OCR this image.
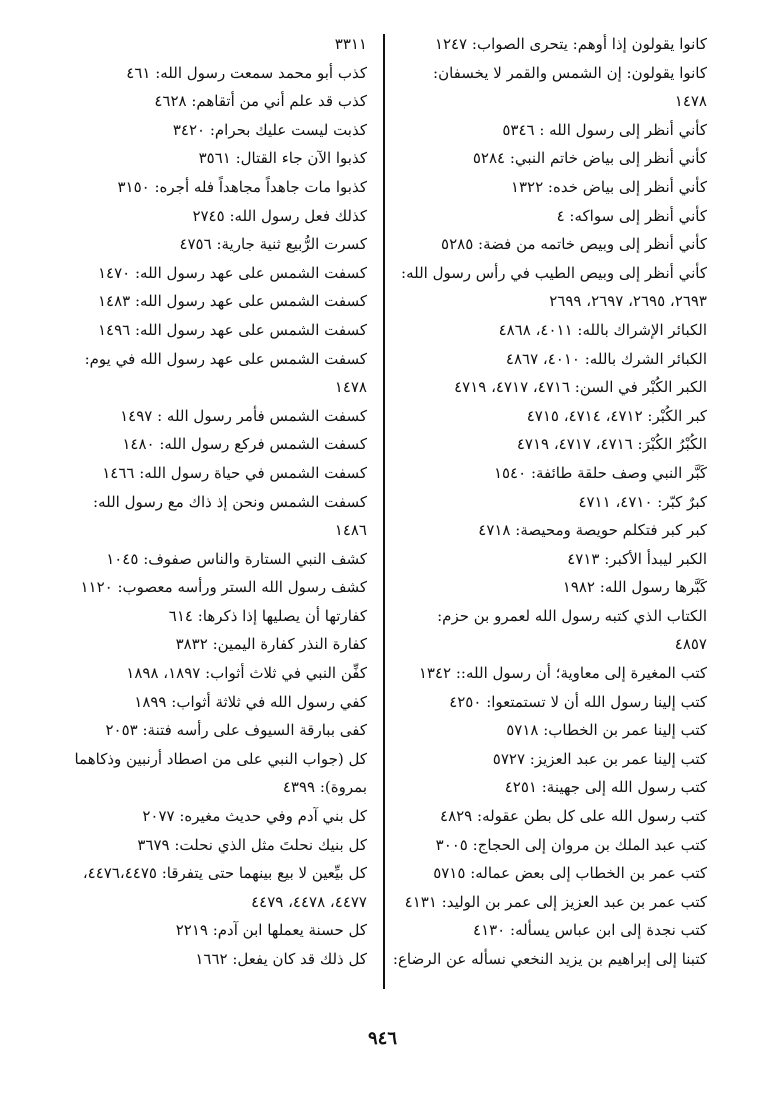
كانوا يقولون إذا أوهم: يتحرى الصواب: ١٢٤٧
كانوا يقولون: إن الشمس والقمر لا يخسفان:
١٤٧٨
كأني أنظر إلى رسول الله : ٥٣٤٦
كأني أنظر إلى بياض خاتم النبي: ٥٢٨٤
كأني أنظر إلى بياض خده: ١٣٢٢
كأني أنظر إلى سواكه: ٤
كأني أنظر إلى وبيص خاتمه من فضة: ٥٢٨٥
كأني أنظر إلى وبيص الطيب في رأس رسول الله:
٢٦٩٣، ٢٦٩٥، ٢٦٩٧، ٢٦٩٩
الكبائر الإشراك بالله: ٤٠١١، ٤٨٦٨
الكبائر الشرك بالله: ٤٠١٠، ٤٨٦٧
الكبر الكُبْر في السن: ٤٧١٦، ٤٧١٧، ٤٧١٩
كبر الكُبْر: ٤٧١٢، ٤٧١٤، ٤٧١٥
الكُبْرُ الكُبْرَ: ٤٧١٦، ٤٧١٧، ٤٧١٩
كَبَّر النبي وصف حلقة طائفة: ١٥٤٠
كبرٌ كبّر: ٤٧١٠، ٤٧١١
كبر كبر فتكلم حويصة ومحيصة: ٤٧١٨
الكبر ليبدأ الأكبر: ٤٧١٣
كَبَّرها رسول الله: ١٩٨٢
الكتاب الذي كتبه رسول الله لعمرو بن حزم:
٤٨٥٧
كتب المغيرة إلى معاوية؛ أن رسول الله:: ١٣٤٢
كتب إلينا رسول الله أن لا تستمتعوا: ٤٢٥٠
كتب إلينا عمر بن الخطاب: ٥٧١٨
كتب إلينا عمر بن عبد العزيز: ٥٧٢٧
كتب رسول الله إلى جهينة: ٤٢٥١
كتب رسول الله على كل بطن عقوله: ٤٨٢٩
كتب عبد الملك بن مروان إلى الحجاج: ٣٠٠٥
كتب عمر بن الخطاب إلى بعض عماله: ٥٧١٥
كتب عمر بن عبد العزيز إلى عمر بن الوليد: ٤١٣١
كتب نجدة إلى ابن عباس يسأله: ٤١٣٠
كتبنا إلى إبراهيم بن يزيد النخعي نسأله عن الرضاع:
٣٣١١
كذب أبو محمد سمعت رسول الله: ٤٦١
كذب قد علم أني من أتقاهم: ٤٦٢٨
كذبت ليست عليك بحرام: ٣٤٢٠
كذبوا الآن جاء القتال: ٣٥٦١
كذبوا مات جاهداً مجاهداً فله أجره: ٣١٥٠
كذلك فعل رسول الله: ٢٧٤٥
كسرت الرُّبيع ثنية جارية: ٤٧٥٦
كسفت الشمس على عهد رسول الله: ١٤٧٠
كسفت الشمس على عهد رسول الله: ١٤٨٣
كسفت الشمس على عهد رسول الله: ١٤٩٦
كسفت الشمس على عهد رسول الله في يوم:
١٤٧٨
كسفت الشمس فأمر رسول الله : ١٤٩٧
كسفت الشمس فركع رسول الله: ١٤٨٠
كسفت الشمس في حياة رسول الله: ١٤٦٦
كسفت الشمس ونحن إذ ذاك مع رسول الله:
١٤٨٦
كشف النبي الستارة والناس صفوف: ١٠٤٥
كشف رسول الله الستر ورأسه معصوب: ١١٢٠
كفارتها أن يصليها إذا ذكرها: ٦١٤
كفارة النذر كفارة اليمين: ٣٨٣٢
كفِّن النبي في ثلاث أثواب: ١٨٩٧، ١٨٩٨
كفي رسول الله في ثلاثة أثواب: ١٨٩٩
كفى ببارقة السيوف على رأسه فتنة: ٢٠٥٣
كل (جواب النبي على من اصطاد أرنبين وذكاهما
بمروة): ٤٣٩٩
كل بني آدم وفي حديث مغيره: ٢٠٧٧
كل بنيك نحلتَ مثل الذي نحلت: ٣٦٧٩
كل بيِّعين لا بيع بينهما حتى يتفرقا: ٤٤٧٦،٤٤٧٥،
٤٤٧٧، ٤٤٧٨، ٤٤٧٩
كل حسنة يعملها ابن آدم: ٢٢١٩
كل ذلك قد كان يفعل: ١٦٦٢
٩٤٦
